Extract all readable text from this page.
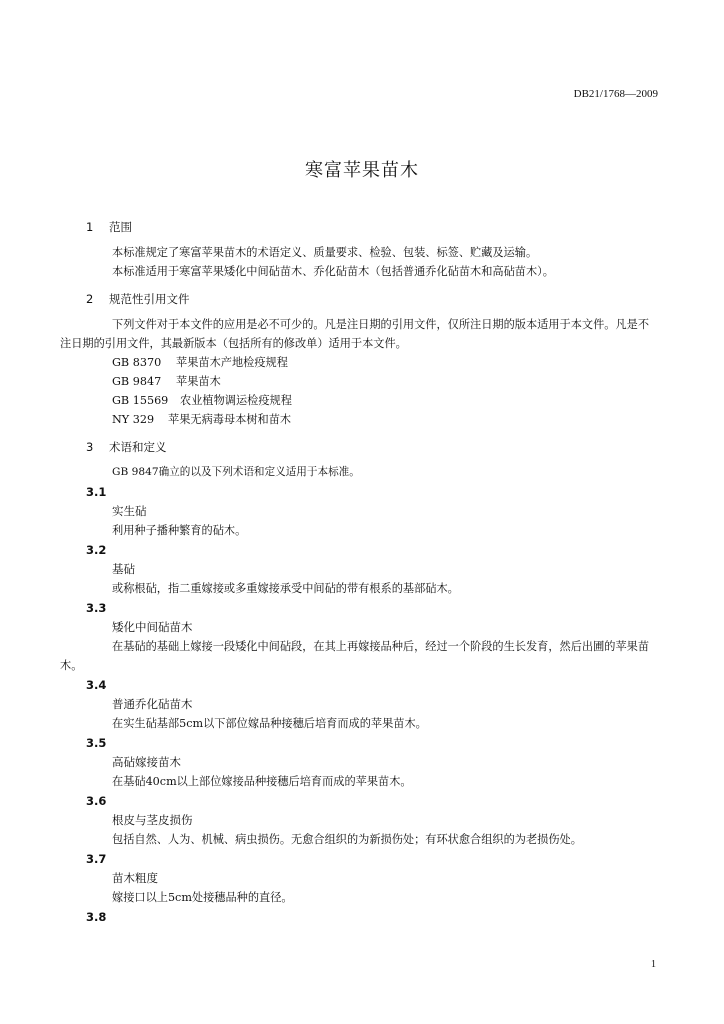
DB21/1768—2009
寒富苹果苗木
1 范围
本标准规定了寒富苹果苗木的术语定义、质量要求、检验、包装、标签、贮藏及运输。
本标准适用于寒富苹果矮化中间砧苗木、乔化砧苗木（包括普通乔化砧苗木和高砧苗木）。
2 规范性引用文件
下列文件对于本文件的应用是必不可少的。凡是注日期的引用文件，仅所注日期的版本适用于本文件。凡是不注日期的引用文件，其最新版本（包括所有的修改单）适用于本文件。
GB 8370 苹果苗木产地检疫规程
GB 9847 苹果苗木
GB 15569 农业植物调运检疫规程
NY 329 苹果无病毒母本树和苗木
3 术语和定义
GB 9847确立的以及下列术语和定义适用于本标准。
3.1
实生砧
利用种子播种繁育的砧木。
3.2
基砧
或称根砧，指二重嫁接或多重嫁接承受中间砧的带有根系的基部砧木。
3.3
矮化中间砧苗木
在基砧的基础上嫁接一段矮化中间砧段，在其上再嫁接品种后，经过一个阶段的生长发育，然后出圃的苹果苗木。
3.4
普通乔化砧苗木
在实生砧基部5cm以下部位嫁品种接穗后培育而成的苹果苗木。
3.5
高砧嫁接苗木
在基砧40cm以上部位嫁接品种接穗后培育而成的苹果苗木。
3.6
根皮与茎皮损伤
包括自然、人为、机械、病虫损伤。无愈合组织的为新损伤处；有环状愈合组织的为老损伤处。
3.7
苗木粗度
嫁接口以上5cm处接穗品种的直径。
3.8
1
